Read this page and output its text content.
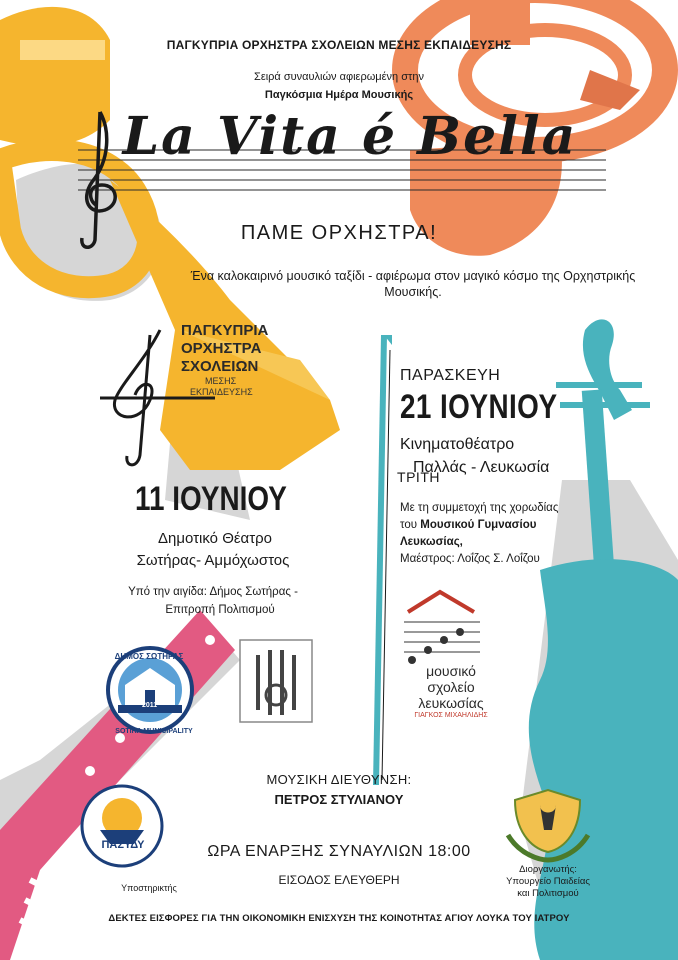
ΠΑΓΚΥΠΡΙΑ ΟΡΧΗΣΤΡΑ ΣΧΟΛΕΙΩΝ ΜΕΣΗΣ ΕΚΠΑΙΔΕΥΣΗΣ
Σειρά συναυλιών αφιερωμένη στην
Παγκόσμια Ημέρα Μουσικής
La Vita é Bella
ΠΑΜΕ ΟΡΧΗΣΤΡΑ!
Ένα καλοκαιρινό μουσικό ταξίδι - αφιέρωμα στον μαγικό κόσμο της Ορχηστρικής Μουσικής.
ΠΑΓΚΥΠΡΙΑ
ΟΡΧΗΣΤΡΑ
ΣΧΟΛΕΙΩΝ
ΜΕΣΗΣ
ΕΚΠΑΙΔΕΥΣΗΣ
ΠΑΡΑΣΚΕΥΗ
21 ΙΟΥΝΙΟΥ
Κινηματοθέατρο
Παλλάς - Λευκωσία
Με τη συμμετοχή της χορωδίας
του Μουσικού Γυμνασίου
Λευκωσίας,
Μαέστρος: Λοΐζος Σ. Λοΐζου
ΤΡΙΤΗ
11 ΙΟΥΝΙΟΥ
Δημοτικό Θέατρο
Σωτήρας- Αμμόχωστος
Υπό την αιγίδα: Δήμος Σωτήρας -
Επιτροπή Πολιτισμού
ΔΗΜΟΣ ΣΩΤΗΡΑΣ
SOTIRA MUNICIPALITY
2011
μουσικό
σχολείο
λευκωσίας
ΓΙΑΓΚΟΣ ΜΙΧΑΗΛΙΔΗΣ
ΜΟΥΣΙΚΗ ΔΙΕΥΘΥΝΣΗ:
ΠΕΤΡΟΣ ΣΤΥΛΙΑΝΟΥ
ΩΡΑ ΕΝΑΡΞΗΣ ΣΥΝΑΥΛΙΩΝ 18:00
ΕΙΣΟΔΟΣ ΕΛΕΥΘΕΡΗ
ΠΑΣΥΔΥ
Υποστηρικτής
Διοργανωτής:
Υπουργείο Παιδείας
και Πολιτισμού
ΔΕΚΤΕΣ ΕΙΣΦΟΡΕΣ ΓΙΑ ΤΗΝ ΟΙΚΟΝΟΜΙΚΗ ΕΝΙΣΧΥΣΗ ΤΗΣ ΚΟΙΝΟΤΗΤΑΣ ΑΓΙΟΥ ΛΟΥΚΑ ΤΟΥ ΙΑΤΡΟΥ
